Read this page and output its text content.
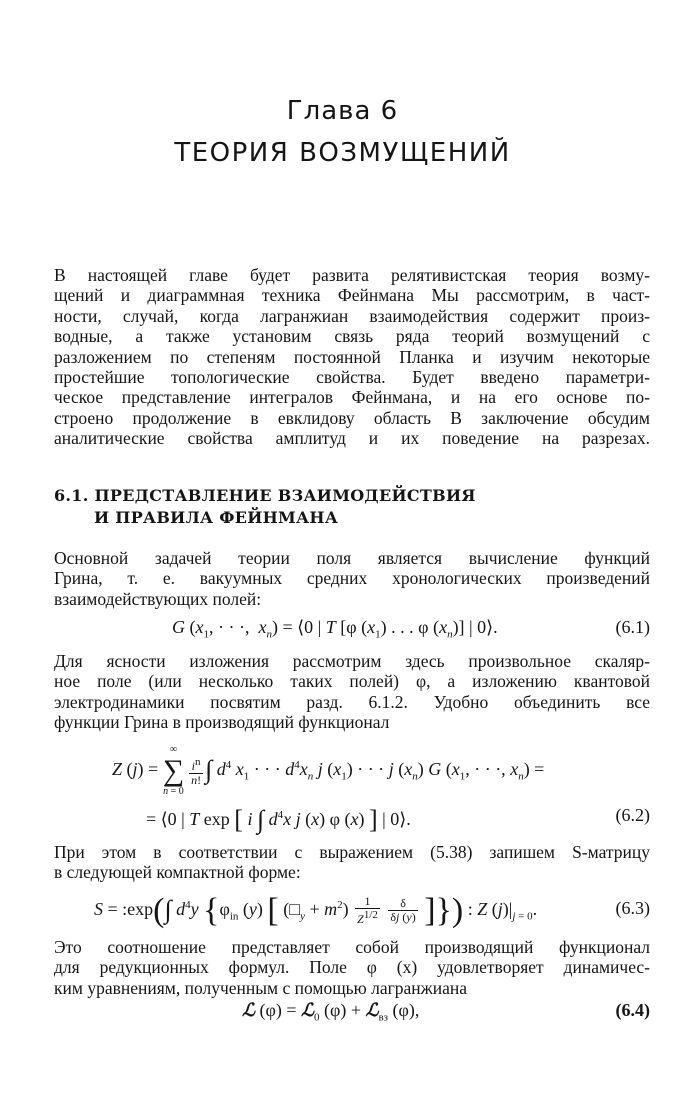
Глава 6
ТЕОРИЯ ВОЗМУЩЕНИЙ
В настоящей главе будет развита релятивистская теория возму-
щений и диаграммная техника Фейнмана Мы рассмотрим, в част-
ности, случай, когда лагранжиан взаимодействия содержит произ-
водные, а также установим связь ряда теорий возмущений с
разложением по степеням постоянной Планка и изучим некоторые
простейшие топологические свойства. Будет введено параметри-
ческое представление интегралов Фейнмана, и на его основе по-
строено продолжение в евклидову область В заключение обсудим
аналитические свойства амплитуд и их поведение на разрезах.
6.1. ПРЕДСТАВЛЕНИЕ ВЗАИМОДЕЙСТВИЯ
И ПРАВИЛА ФЕЙНМАНА
Основной задачей теории поля является вычисление функций
Грина, т. е. вакуумных средних хронологических произведений
взаимодействующих полей:
G ($x_1$, · · ·,  $x_n$) = ⟨0 | T [φ $(x_1)$ . . . φ $(x_n)$] | 0⟩.	(6.1)
Для ясности изложения рассмотрим здесь произвольное скаляр-
ное поле (или несколько таких полей) φ, а изложению квантовой
электродинамики посвятим разд. 6.1.2. Удобно объединить все
функции Грина в производящий функционал
Z (j) =
∞
∑
n = 0
$\frac{i^n}{n!}$ ∫ $d^4$ $x_1$ · · · $d^4x_n$ j $(x_1)$ · · · j $(x_n)$ G ($x_1$, · · ·, $x_n$) =
= ⟨0 | T exp [ i ∫ $d^4x$ j (x) φ (x) ] | 0⟩.	(6.2)
При этом в соответствии с выражением (5.38) запишем S-матрицу
в следующей компактной форме:
S = :exp(∫ $d^4y$ {$\varphi_{in}$ (y) [ $(□_y + m^2) \frac{1}{Z^{1/2}}$
$\frac{\delta}{\delta j (y)}$ ]}) : Z $(j)|_{j = 0}$.	(6.3)
Это соотношение представляет собой производящий функционал
для редукционных формул. Поле φ (x) удовлетворяет динамичес-
ким уравнениям, полученным с помощью лагранжиана
ℒ (φ) = ℒ$_0$ (φ) + ℒ$_{вз}$ (φ),	(6.4)
